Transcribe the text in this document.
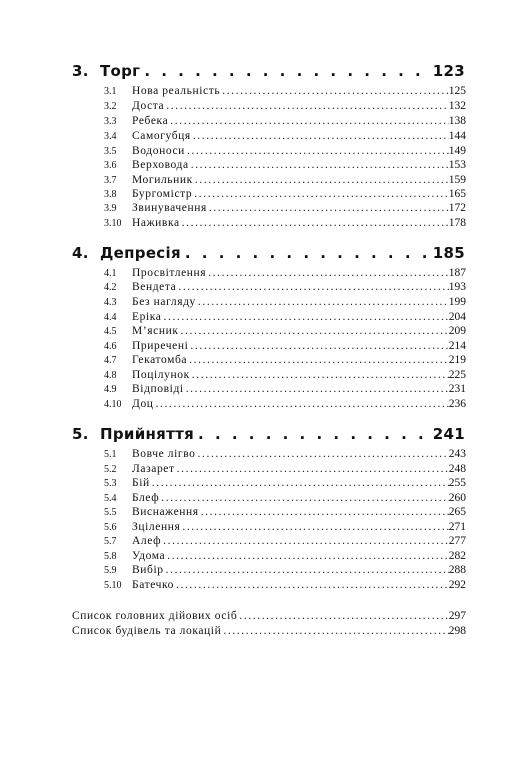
3. Торг . . .	123
3.1	Нова реальність .....	125
3.2	Доста .....	132
3.3	Ребека .....	138
3.4	Самогубця .....	144
3.5	Водоноси .....	149
3.6	Верховода .....	153
3.7	Могильник .....	159
3.8	Бургомістр .....	165
3.9	Звинувачення .....	172
3.10 Наживка .....	178
4. Депресія . . .	185
4.1	Просвітлення .....	187
4.2	Вендета .....	193
4.3	Без нагляду .....	199
4.4	Еріка .....	204
4.5	М’ясник .....	209
4.6	Приречені .....	214
4.7	Гекатомба .....	219
4.8	Поцілунок .....	225
4.9	Відповіді .....	231
4.10 Доц .....	236
5. Прийняття . . .	241
5.1	Вовче лігво .....	243
5.2	Лазарет .....	248
5.3	Бій .....	255
5.4	Блеф .....	260
5.5	Виснаження .....	265
5.6	Зцілення .....	271
5.7	Алеф .....	277
5.8	Удома .....	282
5.9	Вибір .....	288
5.10 Батечко .....	292
Список головних дійових осіб .....	297
Список будівель та локацій .....	298
